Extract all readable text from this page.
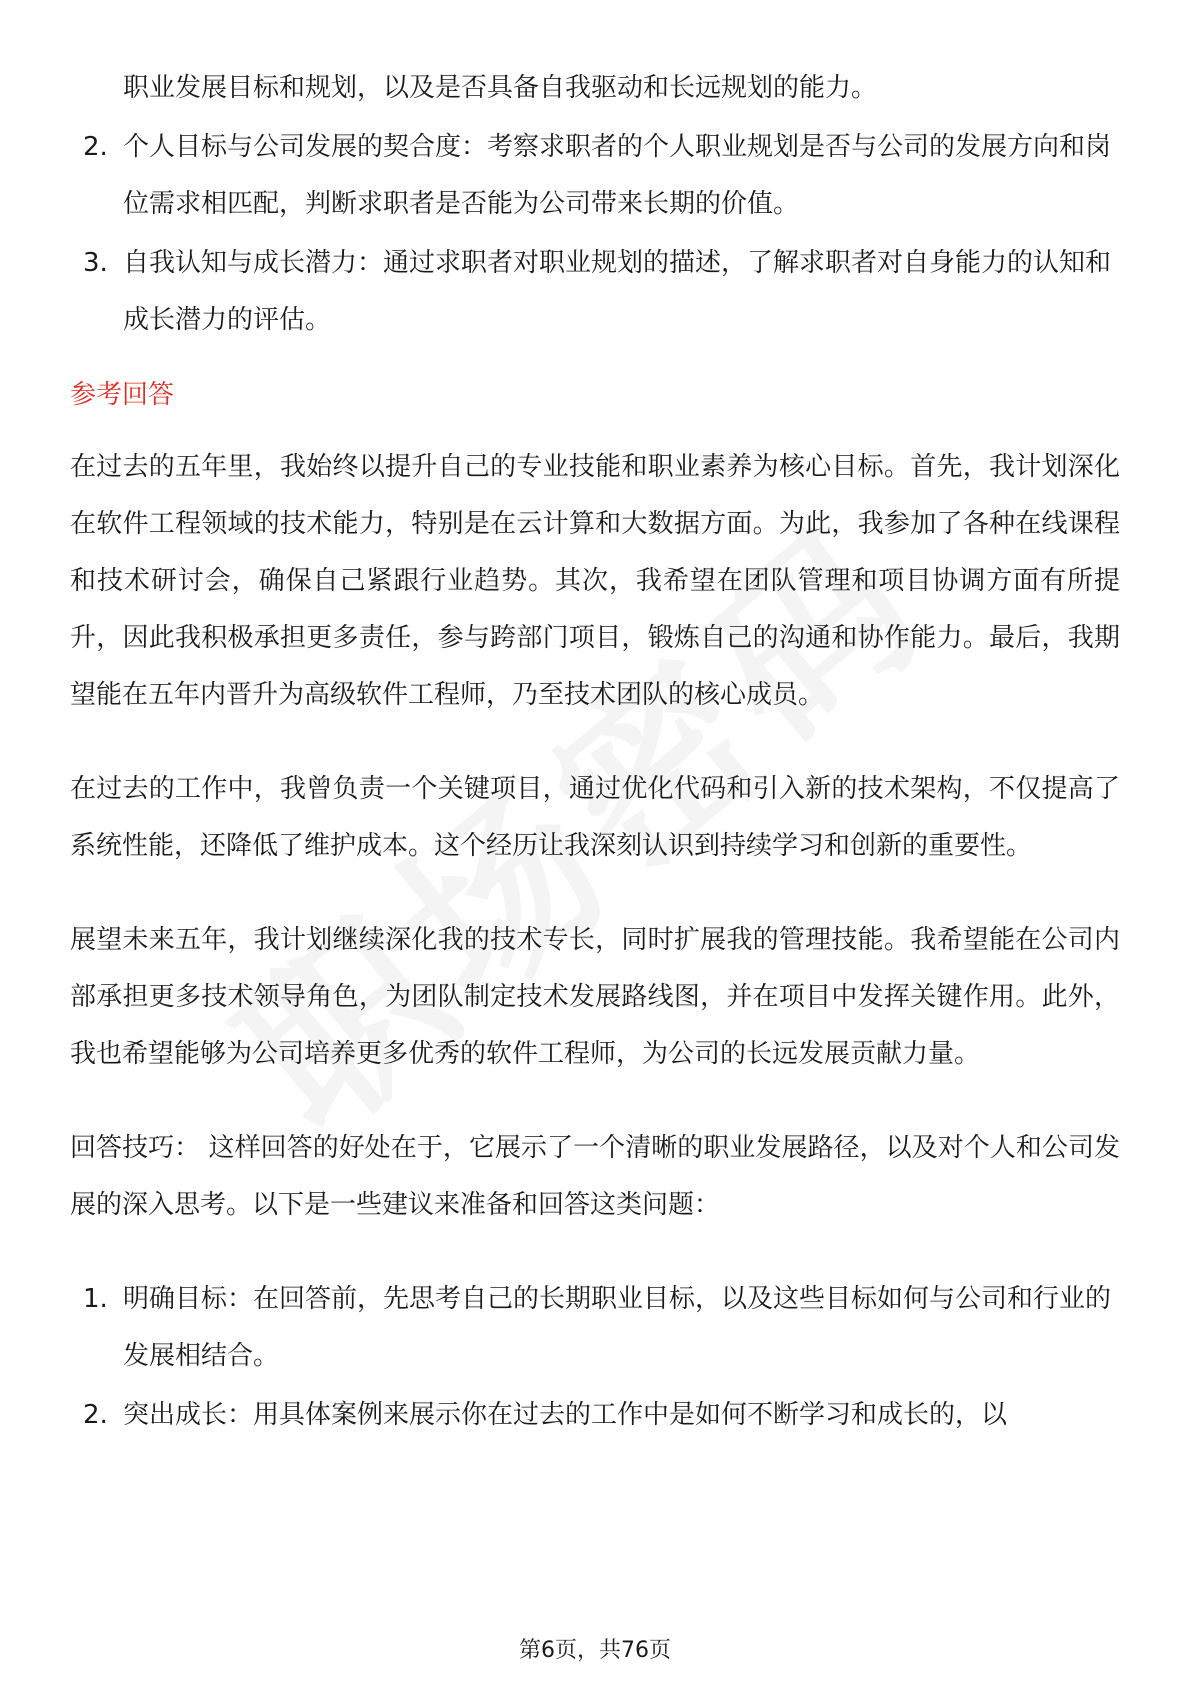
职业发展目标和规划，以及是否具备自我驱动和长远规划的能力。
2. 个人目标与公司发展的契合度：考察求职者的个人职业规划是否与公司的发展方向和岗位需求相匹配，判断求职者是否能为公司带来长期的价值。
3. 自我认知与成长潜力：通过求职者对职业规划的描述，了解求职者对自身能力的认知和成长潜力的评估。
参考回答

在过去的五年里，我始终以提升自己的专业技能和职业素养为核心目标。首先，我计划深化在软件工程领域的技术能力，特别是在云计算和大数据方面。为此，我参加了各种在线课程和技术研讨会，确保自己紧跟行业趋势。其次，我希望在团队管理和项目协调方面有所提升，因此我积极承担更多责任，参与跨部门项目，锻炼自己的沟通和协作能力。最后，我期望能在五年内晋升为高级软件工程师，乃至技术团队的核心成员。

在过去的工作中，我曾负责一个关键项目，通过优化代码和引入新的技术架构，不仅提高了系统性能，还降低了维护成本。这个经历让我深刻认识到持续学习和创新的重要性。

展望未来五年，我计划继续深化我的技术专长，同时扩展我的管理技能。我希望能在公司内部承担更多技术领导角色，为团队制定技术发展路线图，并在项目中发挥关键作用。此外，我也希望能够为公司培养更多优秀的软件工程师，为公司的长远发展贡献力量。

回答技巧： 这样回答的好处在于，它展示了一个清晰的职业发展路径，以及对个人和公司发展的深入思考。以下是一些建议来准备和回答这类问题：

1. 明确目标：在回答前，先思考自己的长期职业目标，以及这些目标如何与公司和行业的发展相结合。
2. 突出成长：用具体案例来展示你在过去的工作中是如何不断学习和成长的，以
第6页，共76页
